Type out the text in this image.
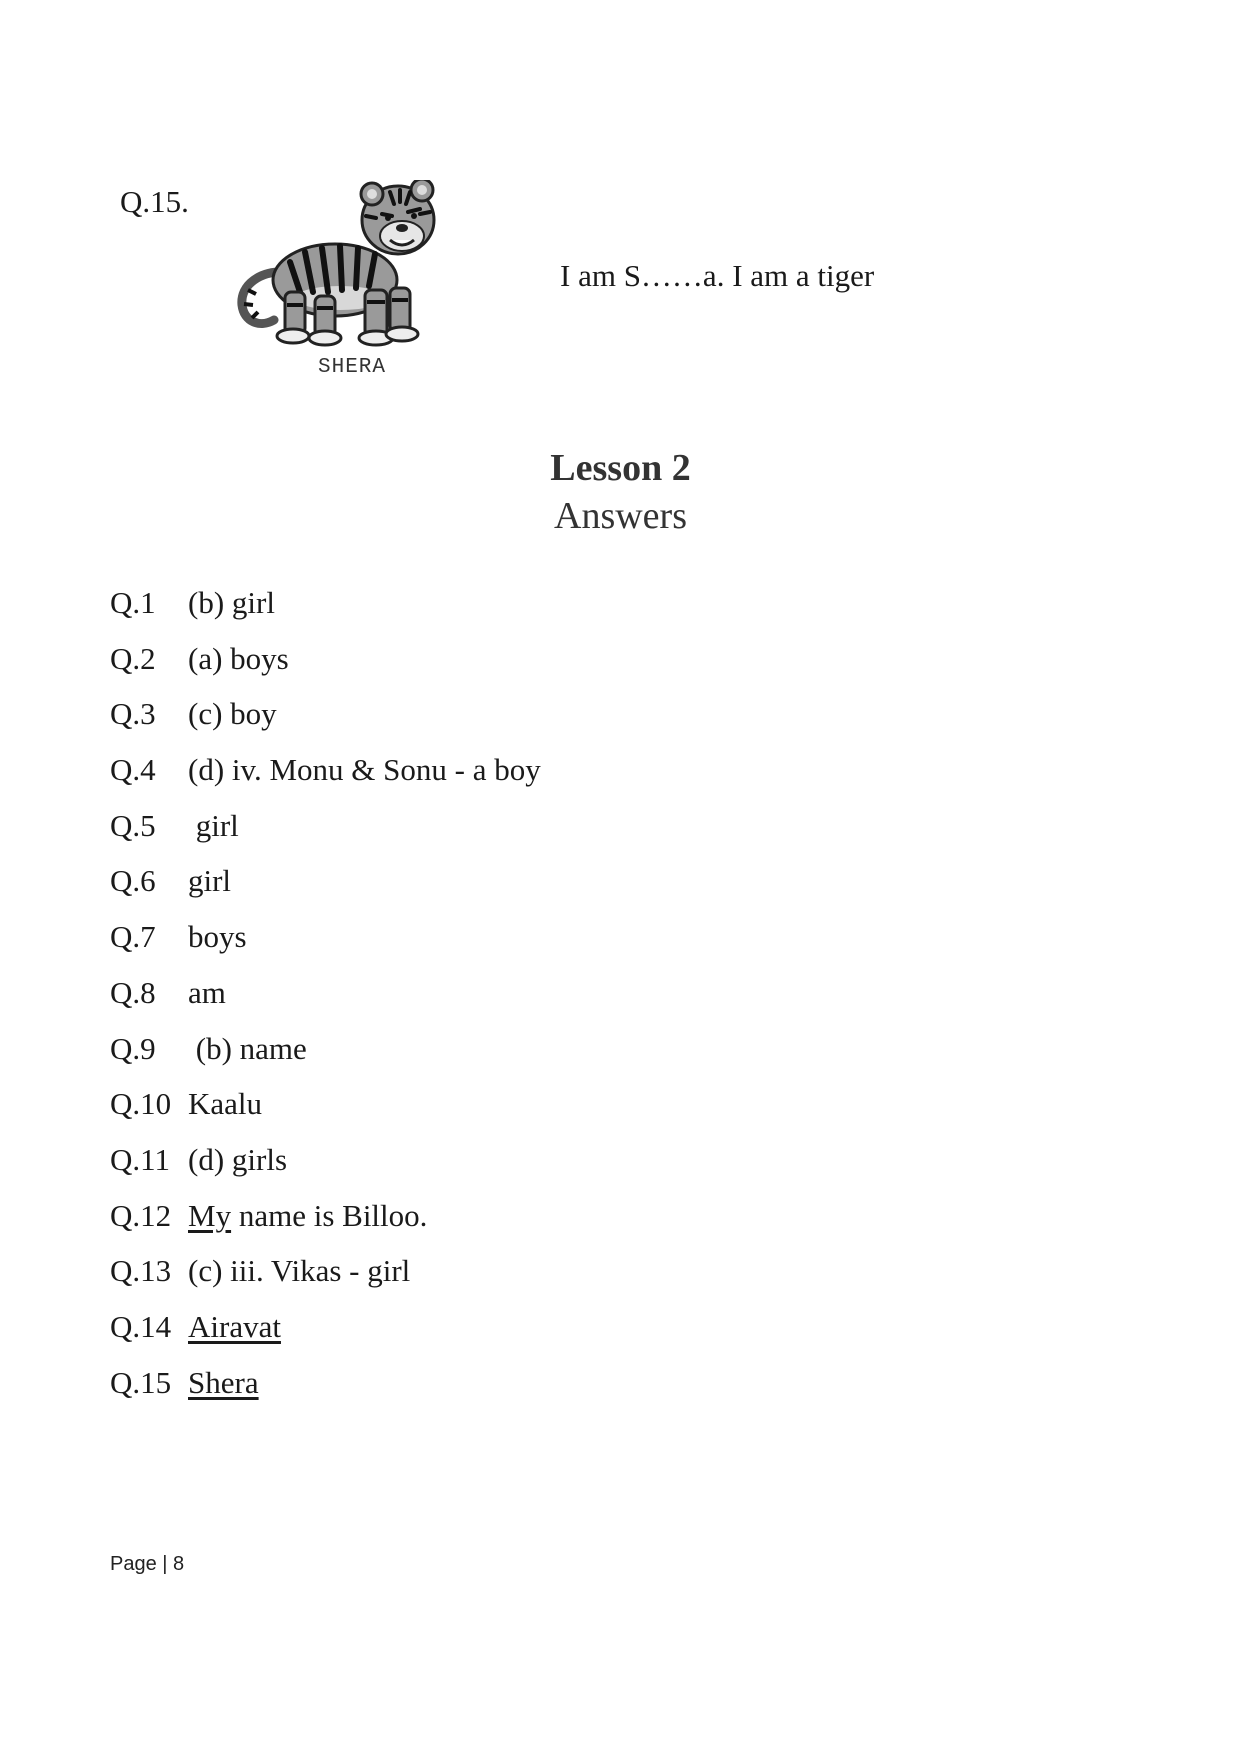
Q.15.
SHERA
I am S……a. I am a tiger
Lesson 2
Answers
Q.1	(b) girl
Q.2	(a) boys
Q.3	(c) boy
Q.4	(d) iv. Monu & Sonu - a boy
Q.5	girl
Q.6	girl
Q.7	boys
Q.8	am
Q.9	(b) name
Q.10 Kaalu
Q.11 (d) girls
Q.12 My name is Billoo.
Q.13 (c) iii. Vikas - girl
Q.14 Airavat
Q.15 Shera
Page | 8
